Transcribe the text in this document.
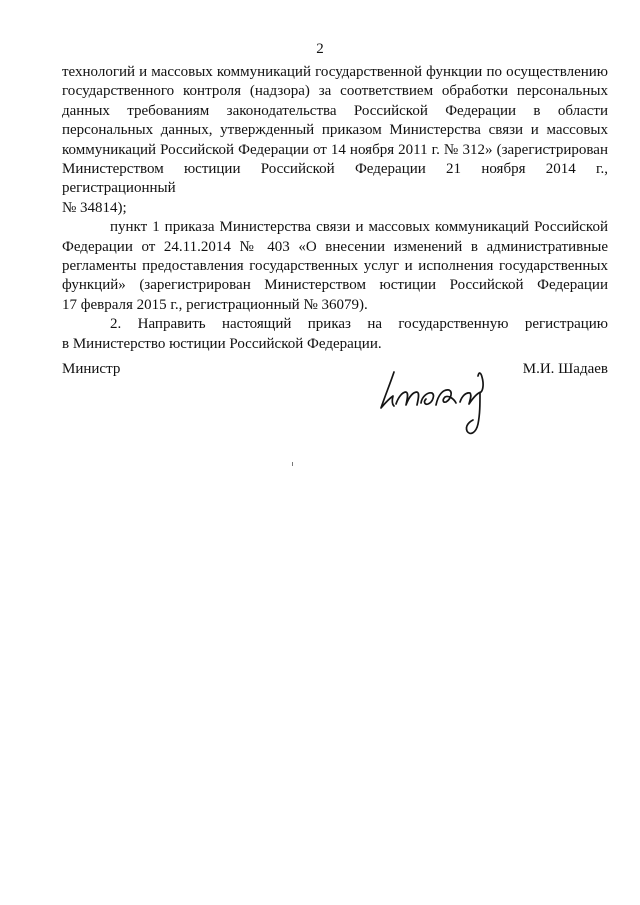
2
технологий и массовых коммуникаций государственной функции по осуществлению
государственного контроля (надзора) за соответствием обработки персональных
данных требованиям законодательства Российской Федерации в области
персональных данных, утвержденный приказом Министерства связи и массовых
коммуникаций Российской Федерации от 14 ноября 2011 г. № 312» (зарегистрирован
Министерством юстиции Российской Федерации 21 ноября 2014 г., регистрационный
№ 34814);
пункт 1 приказа Министерства связи и массовых коммуникаций Российской
Федерации от 24.11.2014 № 403 «О внесении изменений в административные
регламенты предоставления государственных услуг и исполнения государственных
функций» (зарегистрирован Министерством юстиции Российской Федерации
17 февраля 2015 г., регистрационный № 36079).
2. Направить настоящий приказ на государственную регистрацию
в Министерство юстиции Российской Федерации.
Министр	М.И. Шадаев
